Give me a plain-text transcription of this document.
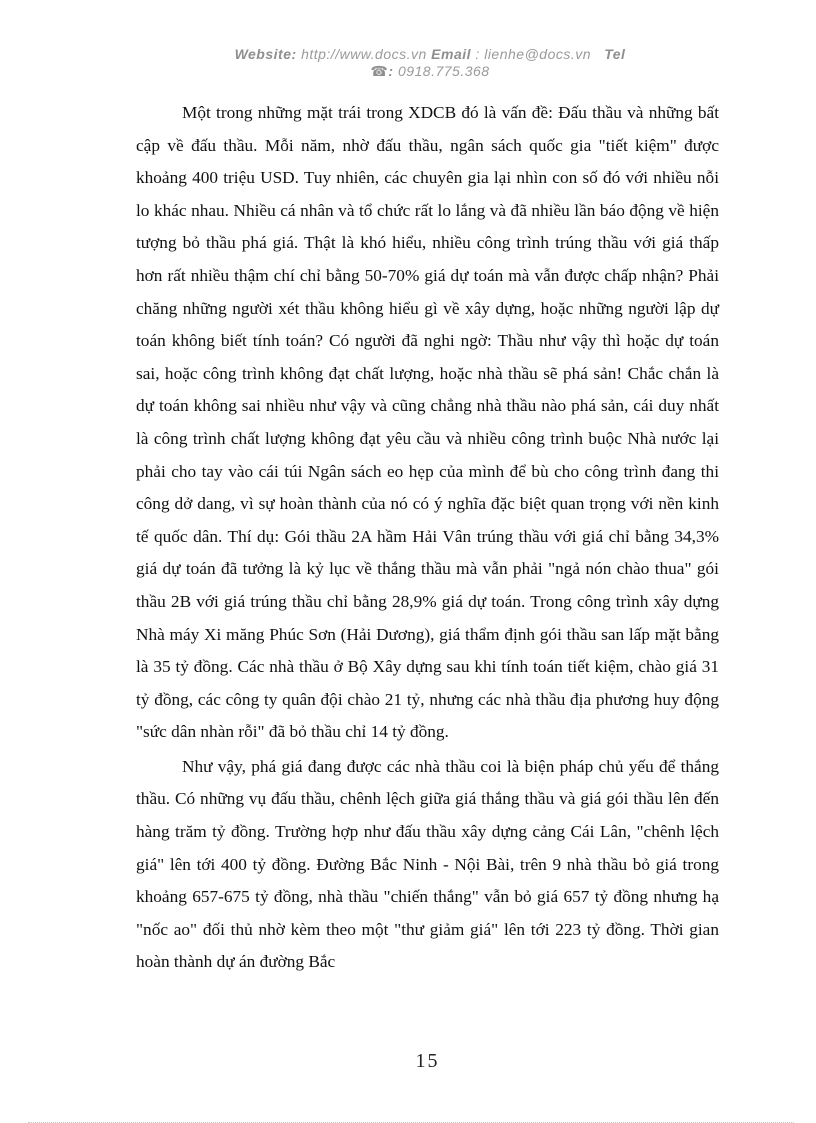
Website: http://www.docs.vn Email : lienhe@docs.vn Tel
☎: 0918.775.368

Một trong những mặt trái trong XDCB đó là vấn đề: Đấu thầu và những bất cập về đấu thầu. Mỗi năm, nhờ đấu thầu, ngân sách quốc gia "tiết kiệm" được khoảng 400 triệu USD. Tuy nhiên, các chuyên gia lại nhìn con số đó với nhiều nỗi lo khác nhau. Nhiều cá nhân và tổ chức rất lo lắng và đã nhiều lần báo động về hiện tượng bỏ thầu phá giá. Thật là khó hiểu, nhiều công trình trúng thầu với giá thấp hơn rất nhiều thậm chí chỉ bằng 50-70% giá dự toán mà vẫn được chấp nhận? Phải chăng những người xét thầu không hiểu gì về xây dựng, hoặc những người lập dự toán không biết tính toán? Có người đã nghi ngờ: Thầu như vậy thì hoặc dự toán sai, hoặc công trình không đạt chất lượng, hoặc nhà thầu sẽ phá sản! Chắc chắn là dự toán không sai nhiều như vậy và cũng chẳng nhà thầu nào phá sản, cái duy nhất là công trình chất lượng không đạt yêu cầu và nhiều công trình buộc Nhà nước lại phải cho tay vào cái túi Ngân sách eo hẹp của mình để bù cho công trình đang thi công dở dang, vì sự hoàn thành của nó có ý nghĩa đặc biệt quan trọng với nền kinh tế quốc dân. Thí dụ: Gói thầu 2A hầm Hải Vân trúng thầu với giá chỉ bằng 34,3% giá dự toán đã tưởng là kỷ lục về thắng thầu mà vẫn phải "ngả nón chào thua" gói thầu 2B với giá trúng thầu chỉ bằng 28,9% giá dự toán. Trong công trình xây dựng Nhà máy Xi măng Phúc Sơn (Hải Dương), giá thẩm định gói thầu san lấp mặt bằng là 35 tỷ đồng. Các nhà thầu ở Bộ Xây dựng sau khi tính toán tiết kiệm, chào giá 31 tỷ đồng, các công ty quân đội chào 21 tỷ, nhưng các nhà thầu địa phương huy động "sức dân nhàn rỗi" đã bỏ thầu chỉ 14 tỷ đồng.

Như vậy, phá giá đang được các nhà thầu coi là biện pháp chủ yếu để thắng thầu. Có những vụ đấu thầu, chênh lệch giữa giá thắng thầu và giá gói thầu lên đến hàng trăm tỷ đồng. Trường hợp như đấu thầu xây dựng cảng Cái Lân, "chênh lệch giá" lên tới 400 tỷ đồng. Đường Bắc Ninh - Nội Bài, trên 9 nhà thầu bỏ giá trong khoảng 657-675 tỷ đồng, nhà thầu "chiến thắng" vẫn bỏ giá 657 tỷ đồng nhưng hạ "nốc ao" đối thủ nhờ kèm theo một "thư giảm giá" lên tới 223 tỷ đồng. Thời gian hoàn thành dự án đường Bắc

15
